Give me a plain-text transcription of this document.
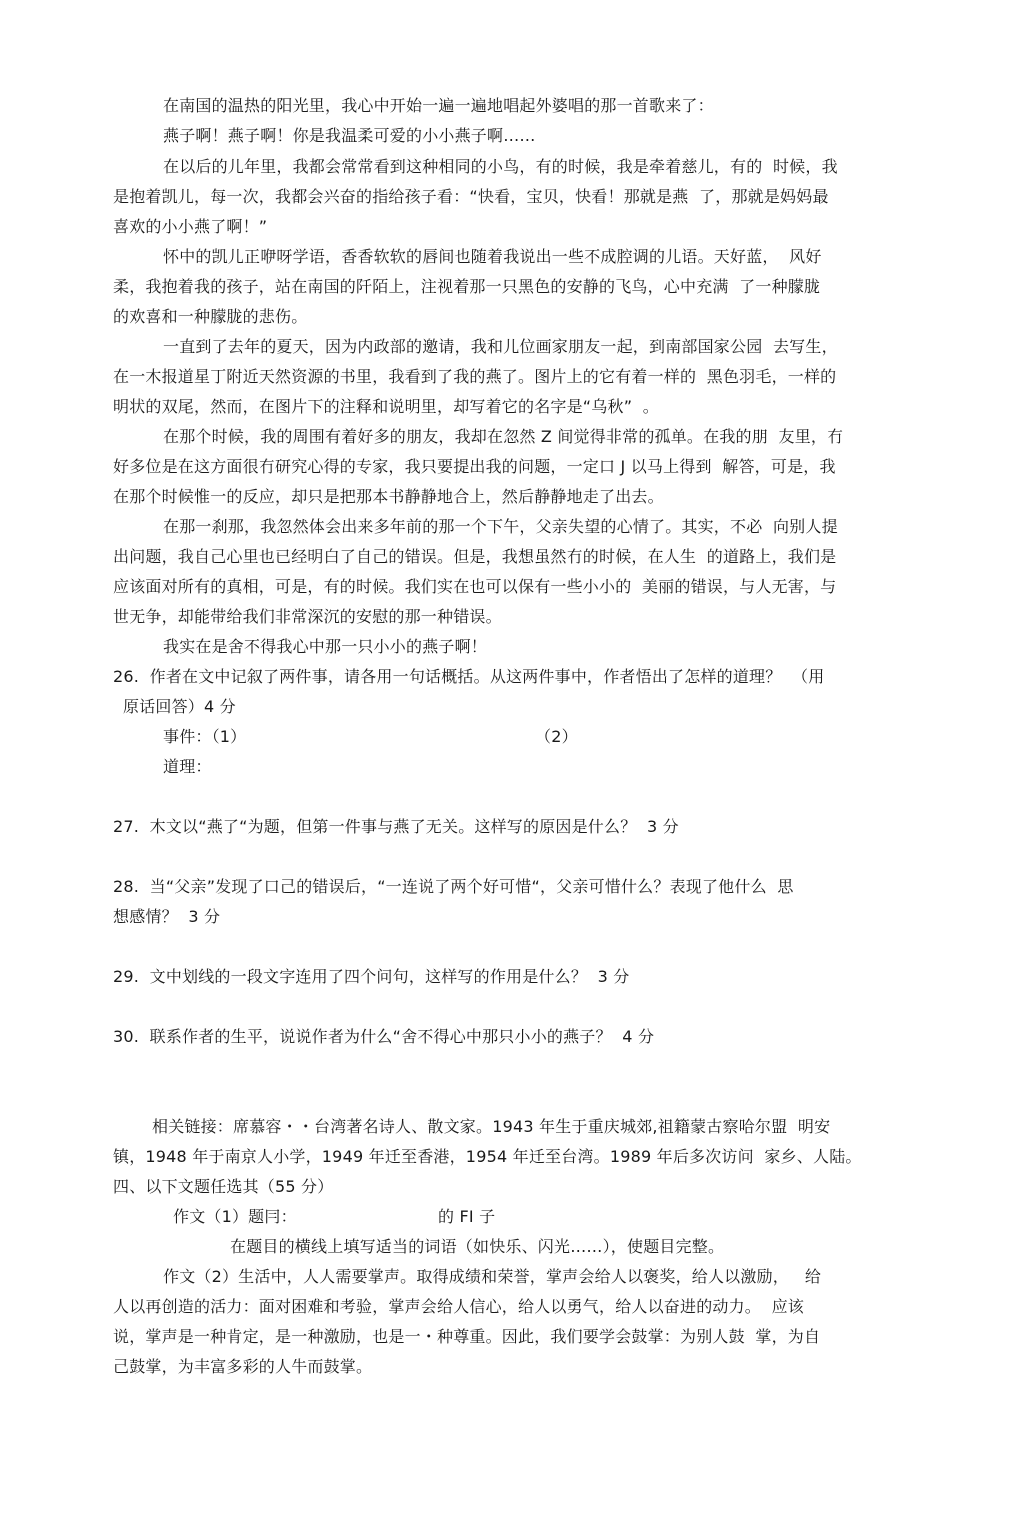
在南国的温热的阳光里，我心中开始一遍一遍地唱起外婆唱的那一首歌来了：

燕子啊！燕子啊！你是我温柔可爱的小小燕子啊……

在以后的儿年里，我都会常常看到这种相同的小鸟，有的时候，我是牵着慈儿，有的  时候，我

是抱着凯儿，每一次，我都会兴奋的指给孩子看：“快看，宝贝，快看！那就是燕  了，那就是妈妈最

喜欢的小小燕了啊！”

怀中的凯儿正咿呀学语，香香软软的唇间也随着我说出一些不成腔调的儿语。天好蓝，  风好

柔，我抱着我的孩子，站在南国的阡陌上，注视着那一只黑色的安静的飞鸟，心中充满  了一种朦胧

的欢喜和一种朦胧的悲伤。

一直到了去年的夏天，因为内政部的邀请，我和儿位画家朋友一起，到南部国家公园  去写生，

在一木报道星丁附近天然资源的书里，我看到了我的燕了。图片上的它有着一样的  黑色羽毛，一样的

明状的双尾，然而，在图片下的注释和说明里，却写着它的名字是“乌秋”  。

在那个时候，我的周围有着好多的朋友，我却在忽然 Z 间觉得非常的孤单。在我的朋  友里，冇

好多位是在这方面很冇研究心得的专家，我只要提出我的问题，一定口 J 以马上得到  解答，可是，我

在那个时候惟一的反应，却只是把那本书静静地合上，然后静静地走了出去。

在那一刹那，我忽然体会出来多年前的那一个下午，父亲失望的心情了。其实，不必  向别人提

出问题，我自己心里也已经明白了自己的错误。但是，我想虽然冇的时候，在人生  的道路上，我们是

应该面对所有的真相，可是，有的时候。我们实在也可以保有一些小小的  美丽的错误，与人无害，与

世无争，却能带给我们非常深沉的安慰的那一种错误。

我实在是舍不得我心中那一只小小的燕子啊！

26.  作者在文中记叙了两件事，请各用一句话概括。从这两件事中，作者悟出了怎样的道理？  （用

原话回答）4 分

事件：（1）	（2）

道理：

27.  木文以“燕了“为题，但第一件事与燕了无关。这样写的原因是什么？  3 分

28.  当“父亲”发现了口己的错误后，“一连说了两个好可惜“，父亲可惜什么？表现了他什么  思

想感情？  3 分

29.  文中划线的一段文字连用了四个问句，这样写的作用是什么？  3 分

30.  联系作者的生平，说说作者为什么“舍不得心中那只小小的燕子？  4 分

相关链接：席慕容・・台湾著名诗人、散文家。1943 年生于重庆城郊,祖籍蒙古察哈尔盟  明安

镇，1948 年于南京人小学，1949 年迁至香港，1954 年迁至台湾。1989 年后多次访问  家乡、人陆。

四、以下文题任选其（55 分）

作文（1）题冃：	的 FI 子

在题目的横线上填写适当的词语（如快乐、闪光……），使题目完整。

作文（2）生活中，人人需要掌声。取得成绩和荣誉，掌声会给人以褒奖，给人以激励，   给

人以再创造的活力：面对困难和考验，掌声会给人信心，给人以勇气，给人以奋进的动力。  应该

说，掌声是一种肯定，是一种激励，也是一・种尊重。因此，我们要学会鼓掌：为别人鼓  掌，为自

己鼓掌，为丰富多彩的人牛而鼓掌。
